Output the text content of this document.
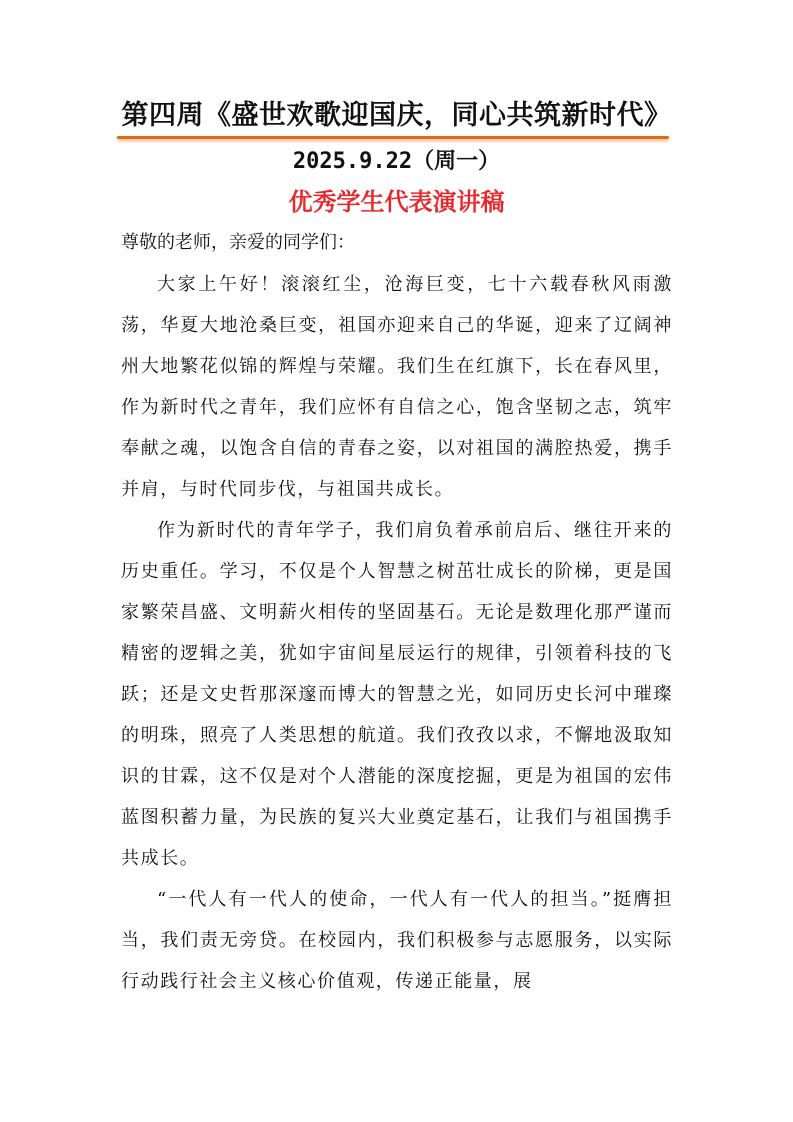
第四周《盛世欢歌迎国庆，同心共筑新时代》
2025.9.22（周一）
优秀学生代表演讲稿
尊敬的老师，亲爱的同学们：

大家上午好！滚滚红尘，沧海巨变，七十六载春秋风雨激荡，华夏大地沧桑巨变，祖国亦迎来自己的华诞，迎来了辽阔神州大地繁花似锦的辉煌与荣耀。我们生在红旗下，长在春风里，作为新时代之青年，我们应怀有自信之心，饱含坚韧之志，筑牢奉献之魂，以饱含自信的青春之姿，以对祖国的满腔热爱，携手并肩，与时代同步伐，与祖国共成长。

作为新时代的青年学子，我们肩负着承前启后、继往开来的历史重任。学习，不仅是个人智慧之树茁壮成长的阶梯，更是国家繁荣昌盛、文明薪火相传的坚固基石。无论是数理化那严谨而精密的逻辑之美，犹如宇宙间星辰运行的规律，引领着科技的飞跃；还是文史哲那深邃而博大的智慧之光，如同历史长河中璀璨的明珠，照亮了人类思想的航道。我们孜孜以求，不懈地汲取知识的甘霖，这不仅是对个人潜能的深度挖掘，更是为祖国的宏伟蓝图积蓄力量，为民族的复兴大业奠定基石，让我们与祖国携手共成长。

“一代人有一代人的使命，一代人有一代人的担当。”挺膺担当，我们责无旁贷。在校园内，我们积极参与志愿服务，以实际行动践行社会主义核心价值观，传递正能量，展
